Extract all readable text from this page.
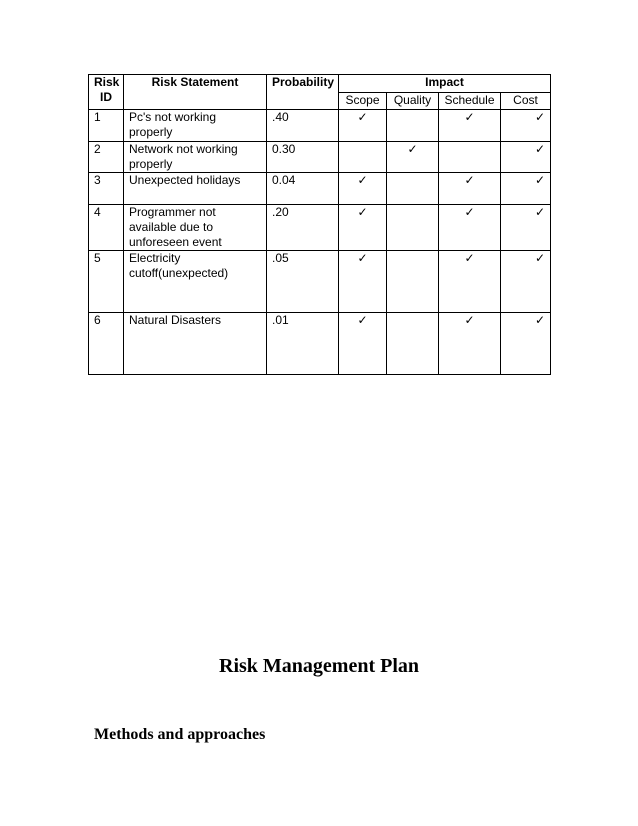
Risk ID	Risk Statement	Probability	Impact			
			Scope	Quality	Schedule	Cost
1	Pc's not working properly	.40	✓		✓	✓
2	Network not working properly	0.30		✓		✓
3	Unexpected holidays	0.04	✓		✓	✓
4	Programmer not available due to unforeseen event	.20	✓		✓	✓
5	Electricity cutoff(unexpected)	.05	✓		✓	✓
6	Natural Disasters	.01	✓		✓	✓
Risk Management Plan
Methods and approaches
